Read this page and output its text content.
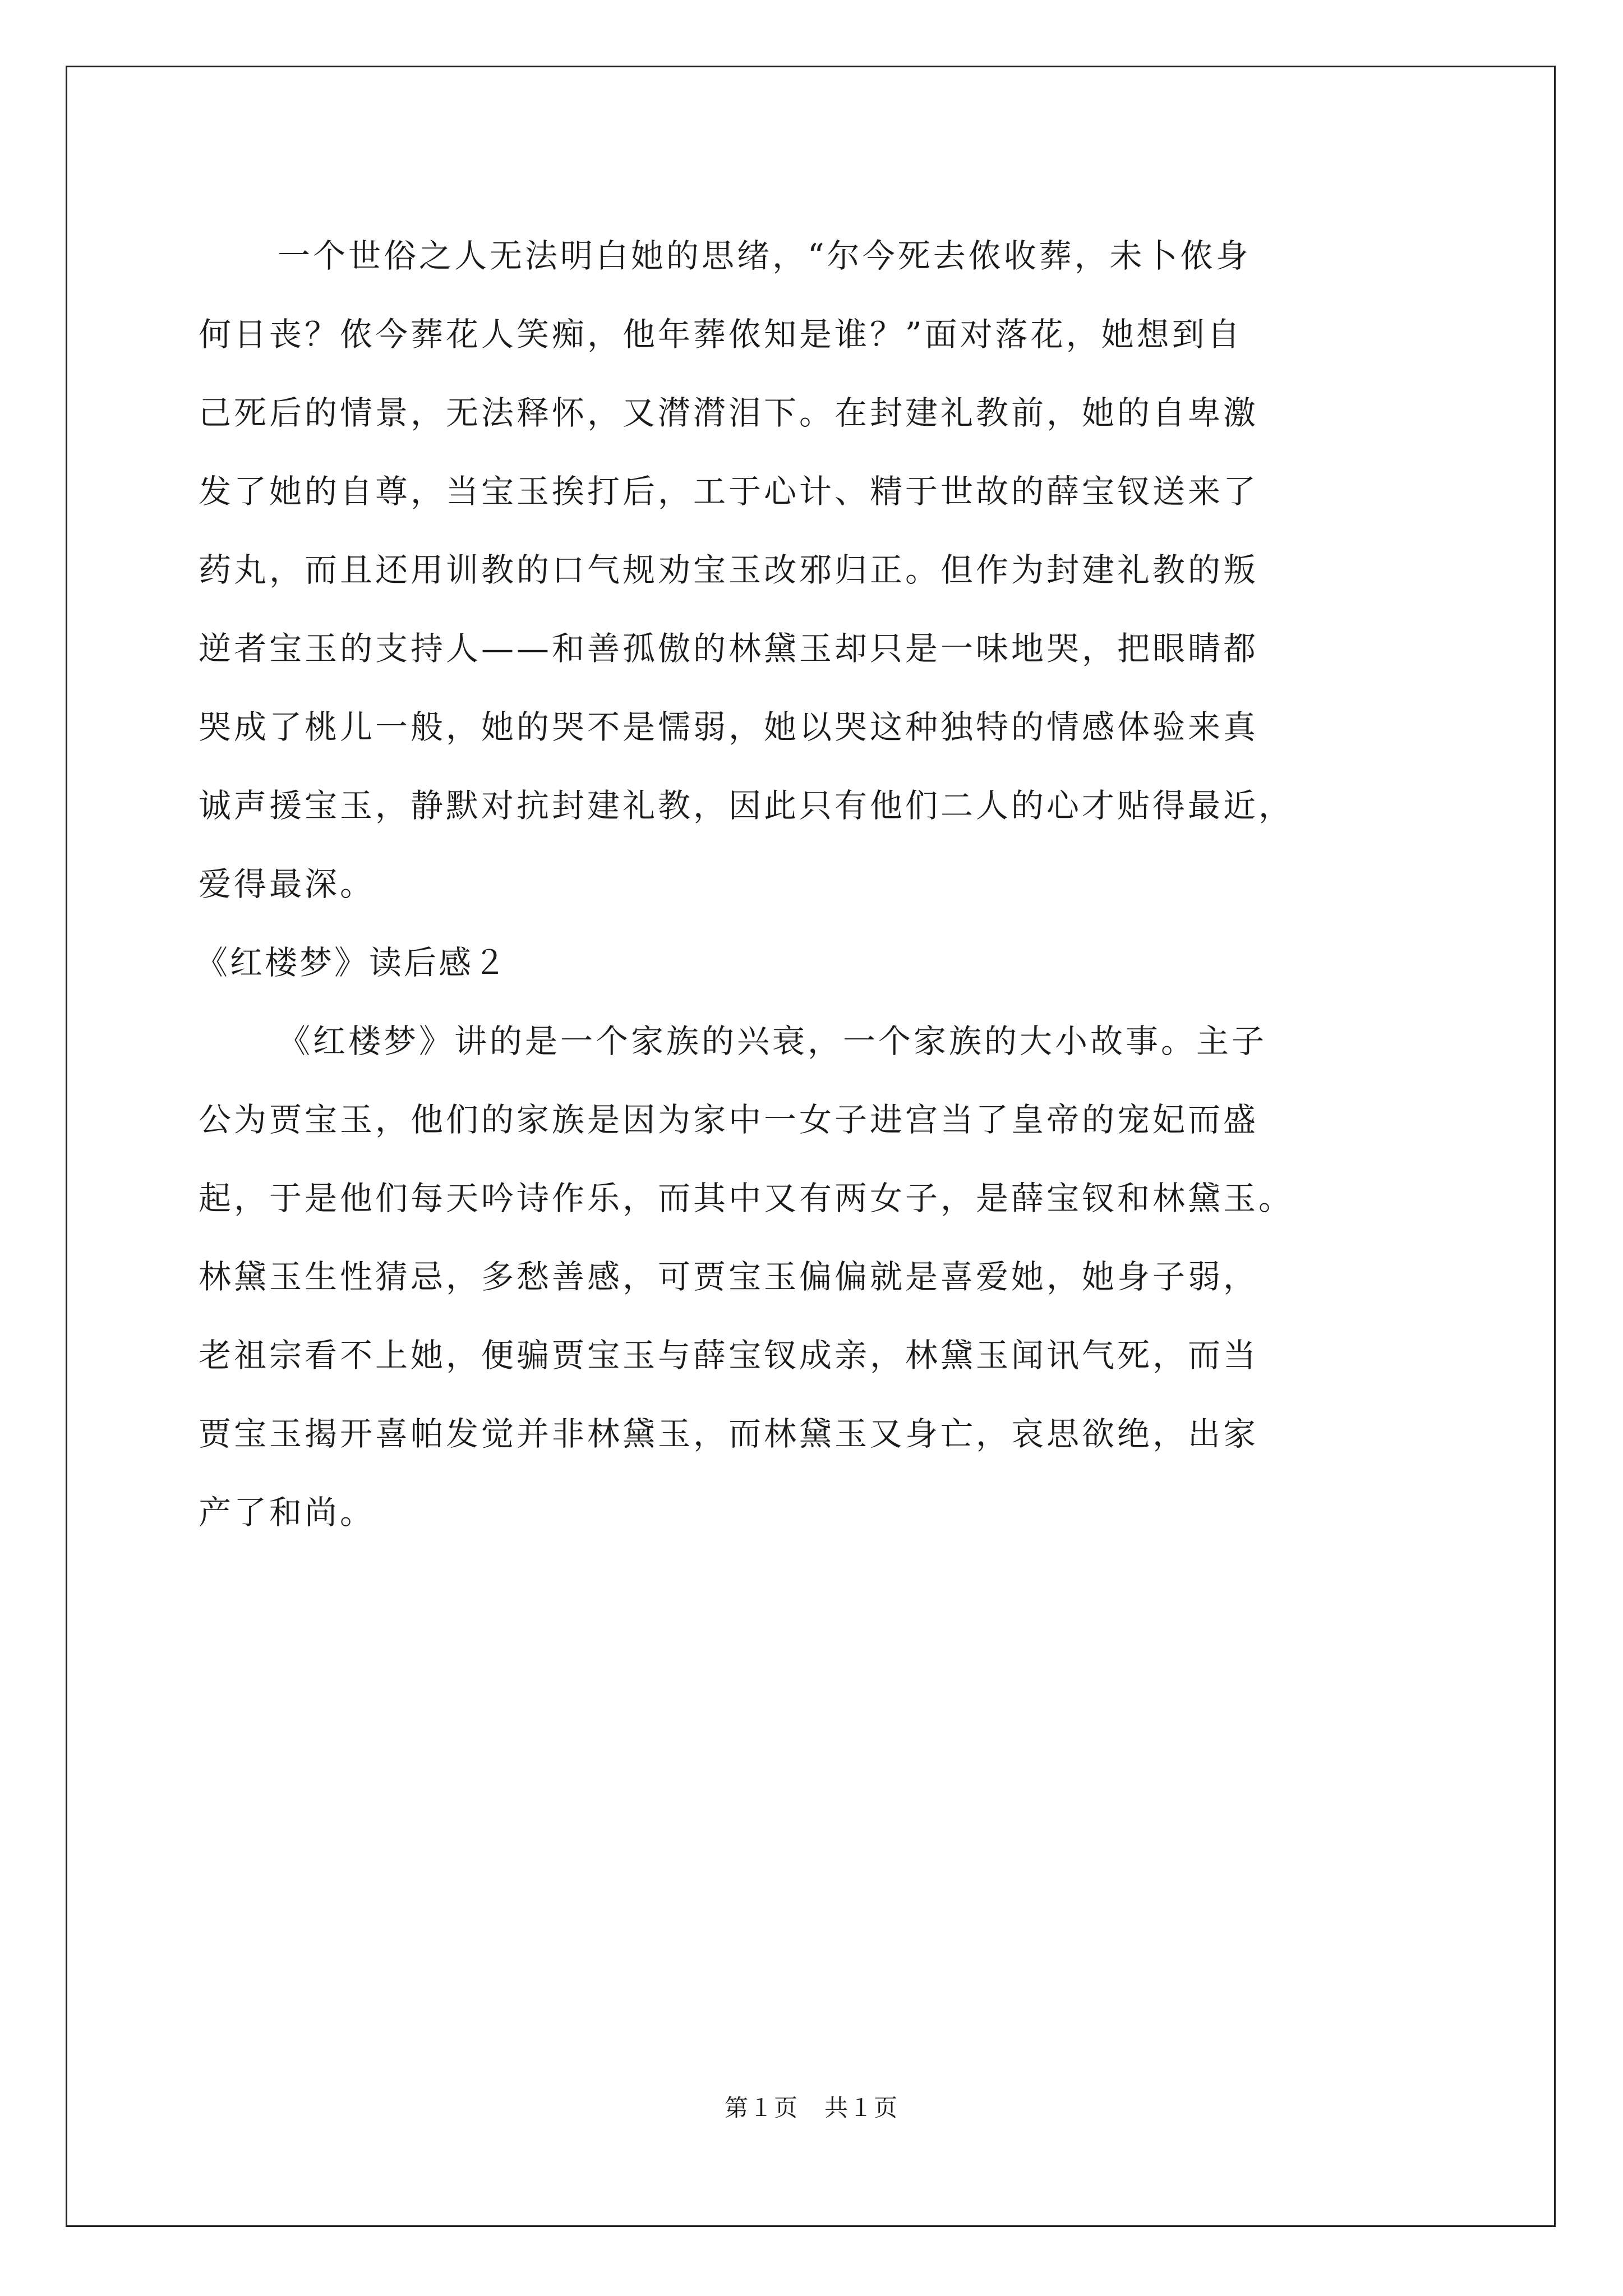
一个世俗之人无法明白她的思绪，“尔今死去侬收葬，未卜侬身
何日丧？侬今葬花人笑痴，他年葬侬知是谁？”面对落花，她想到自
己死后的情景，无法释怀，又潸潸泪下。在封建礼教前，她的自卑激
发了她的自尊，当宝玉挨打后，工于心计、精于世故的薛宝钗送来了
药丸，而且还用训教的口气规劝宝玉改邪归正。但作为封建礼教的叛
逆者宝玉的支持人——和善孤傲的林黛玉却只是一味地哭，把眼睛都
哭成了桃儿一般，她的哭不是懦弱，她以哭这种独特的情感体验来真
诚声援宝玉，静默对抗封建礼教，因此只有他们二人的心才贴得最近，
爱得最深。
《红楼梦》读后感２
《红楼梦》讲的是一个家族的兴衰，一个家族的大小故事。主子
公为贾宝玉，他们的家族是因为家中一女子进宫当了皇帝的宠妃而盛
起，于是他们每天吟诗作乐，而其中又有两女子，是薛宝钗和林黛玉。
林黛玉生性猜忌，多愁善感，可贾宝玉偏偏就是喜爱她，她身子弱，
老祖宗看不上她，便骗贾宝玉与薛宝钗成亲，林黛玉闻讯气死，而当
贾宝玉揭开喜帕发觉并非林黛玉，而林黛玉又身亡，哀思欲绝，出家
产了和尚。
第１页 共１页
